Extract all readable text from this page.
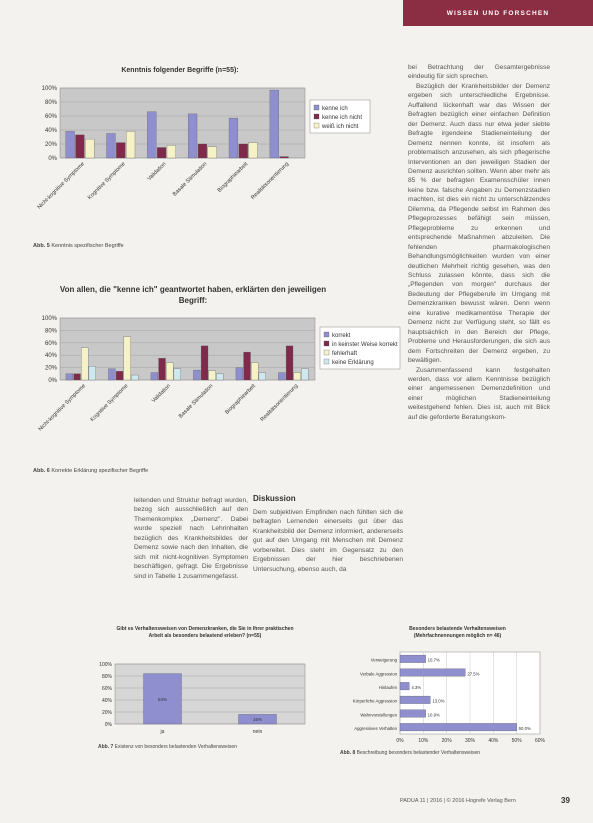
WISSEN UND FORSCHEN
Kenntnis folgender Begriffe (n=55):
0%
20%
40%
60%
80%
100%
Nicht-kognitive Symptome Kognitive Symptome	Validation Basale Stimulation Biographiearbeit Realitätsorientierung
kenne ich
kenne ich nicht
weiß ich nicht
Abb. 5 Kenntnis spezifischer Begriffe
Von allen, die "kenne ich" geantwortet haben, erklärten den jeweiligen Begriff:
0%
20%
40%
60%
80%
100%
Nicht-kognitive Symptome Kognitive Symptome	Validation Basale Stimulation Biographiearbeit Realitätsorientierung
korrekt
in keinster Weise korrekt
fehlerhaft
keine Erklärung
Abb. 6 Korrekte Erklärung spezifischer Begriffe

leitenden und Struktur befragt wurden, bezog sich ausschließlich auf den Themenkomplex „Demenz". Dabei wurde speziell nach Lehrinhalten bezüglich des Krankheitsbildes der Demenz sowie nach den Inhalten, die sich mit nicht-kognitiven Symptomen beschäftigen, gefragt. Die Ergebnisse sind in Tabelle 1 zusammengefasst.

Diskussion
Dem subjektiven Empfinden nach fühlten sich die befragten Lernenden einerseits gut über das Krankheitsbild der Demenz informiert, andererseits gut auf den Umgang mit Menschen mit Demenz vorbereitet. Dies steht im Gegensatz zu den Ergebnissen der hier beschriebenen Untersuchung, ebenso auch, da

bei Betrachtung der Gesamtergebnisse eindeutig für sich sprechen.

Bezüglich der Krankheitsbilder der Demenz ergeben sich unterschiedliche Ergebnisse. Auffallend lückenhaft war das Wissen der Befragten bezüglich einer einfachen Definition der Demenz. Auch dass nur etwa jeder siebte Befragte irgendeine Stadieneinteilung der Demenz nennen konnte, ist insofern als problematisch anzusehen, als sich pflegerische Interventionen an den jeweiligen Stadien der Demenz ausrichten sollten. Wenn aber mehr als 85 % der befragten Examensschüler innen keine bzw. falsche Angaben zu Demenzstadien machten, ist dies ein nicht zu unterschätzendes Dilemma, da Pflegende selbst im Rahmen des Pflegeprozesses befähigt sein müssen, Pflegeprobleme zu erkennen und entsprechende Maßnahmen abzuleiten. Die fehlenden pharmakologischen Behandlungsmöglichkeiten wurden von einer deutlichen Mehrheit richtig gesehen, was den Schluss zulassen könnte, dass sich die „Pflegenden von morgen" durchaus der Bedeutung der Pflegeberufe im Umgang mit Demenzkranken bewusst wären. Denn wenn eine kurative medikamentöse Therapie der Demenz nicht zur Verfügung steht, so fällt es hauptsächlich in den Bereich der Pflege, Probleme und Herausforderungen, die sich aus dem Fortschreiten der Demenz ergeben, zu bewältigen.

Zusammenfassend kann festgehalten werden, dass vor allem Kenntnisse bezüglich einer angemessenen Demenzdefinition und einer möglichen Stadieneinteilung weitestgehend fehlen. Dies ist, auch mit Blick auf die geforderte Beratungskom-

Gibt es Verhaltensweisen von Demenzkranken, die Sie in Ihrer praktischen Arbeit als besonders belastend erleben? (n=55)
0%
20%
40%
60%
80%
100%
84%
ja
16%
nein
Abb. 7 Existenz von besonders belastenden Verhaltensweisen
Besonders belastende Verhaltensweisen (Mehrfachnennungen möglich n= 46)
0%	10%	20%	30%	40%	50%	60%
Verweigerung	10.7%
Verbale Aggression	27.5%
Hinlaufen	4.3%
Körperliche Aggression	13.0%
Wahnvorstellungen	10.9%
Aggressives Verhalten	50.0%
Abb. 8 Beschreibung besonders belastender Verhaltensweisen
PADUA 11 | 2016 | © 2016 Hogrefe Verlag Bern	39
